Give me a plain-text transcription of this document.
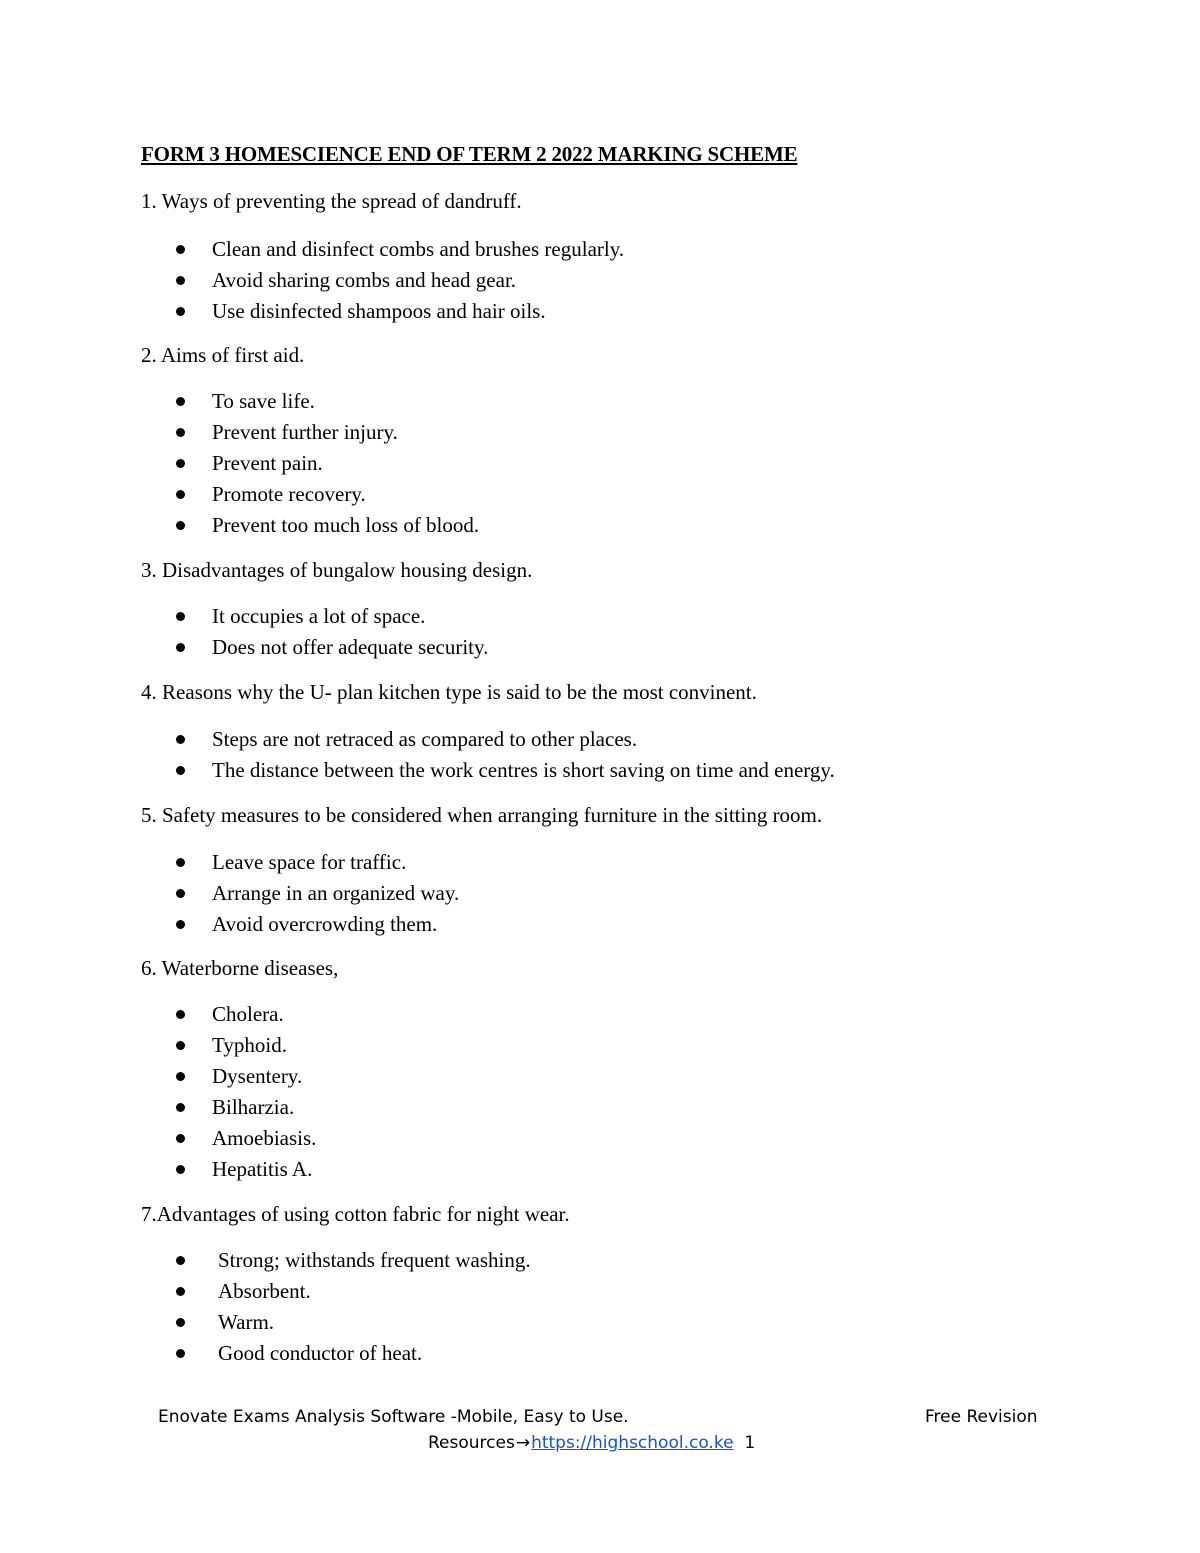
FORM 3 HOMESCIENCE END OF TERM 2 2022 MARKING SCHEME
1. Ways of preventing the spread of dandruff.
Clean and disinfect combs and brushes regularly.
Avoid sharing combs and head gear.
Use disinfected shampoos and hair oils.
2. Aims of first aid.
To save life.
Prevent further injury.
Prevent pain.
Promote recovery.
Prevent too much loss of blood.
3. Disadvantages of bungalow housing design.
It occupies a lot of space.
Does not offer adequate security.
4. Reasons why the U- plan kitchen type is said to be the most convinent.
Steps are not retraced as compared to other places.
The distance between the work centres is short saving on time and energy.
5. Safety measures to be considered when arranging furniture in the sitting room.
Leave space for traffic.
Arrange in an organized way.
Avoid overcrowding them.
6. Waterborne diseases,
Cholera.
Typhoid.
Dysentery.
Bilharzia.
Amoebiasis.
Hepatitis A.
7.Advantages of using cotton fabric for night wear.
Strong; withstands frequent washing.
Absorbent.
Warm.
Good conductor of heat.
Enovate Exams Analysis Software -Mobile, Easy to Use.	Free Revision
Resources→https://highschool.co.ke 1
